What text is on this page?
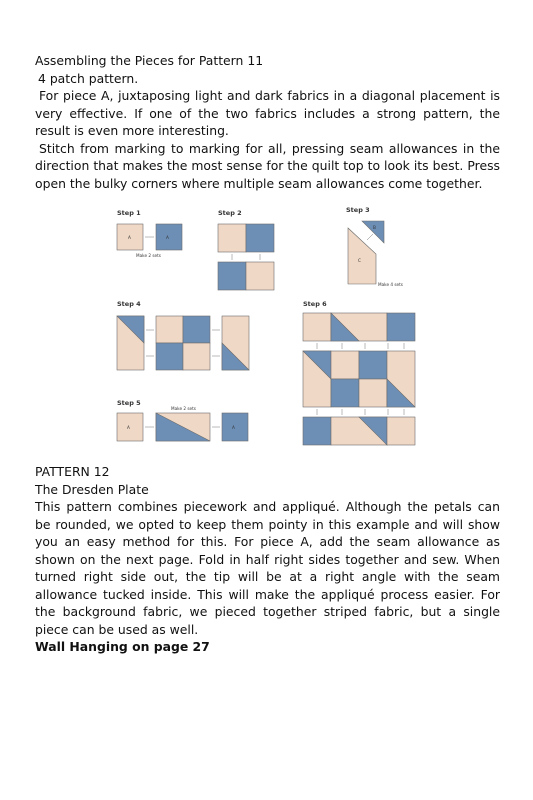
Assembling the Pieces for Pattern 11

4 patch pattern.

For piece A, juxtaposing light and dark fabrics in a diagonal placement is very effective. If one of the two fabrics includes a strong pattern, the result is even more interesting.

Stitch from marking to marking for all, pressing seam allowances in the direction that makes the most sense for the quilt top to look its best. Press open the bulky corners where multiple seam allowances come together.

Step 1
A	A
Make 2 sets
Step 2	Step 3
B
C
Make 4 sets
Step 4
Step 5
Make 2 sets
A	A
Step 6

PATTERN 12

The Dresden Plate

This pattern combines piecework and appliqué. Although the petals can be rounded, we opted to keep them pointy in this example and will show you an easy method for this. For piece A, add the seam allowance as shown on the next page. Fold in half right sides together and sew. When turned right side out, the tip will be at a right angle with the seam allowance tucked inside. This will make the appliqué process easier. For the background fabric, we pieced together striped fabric, but a single piece can be used as well.

Wall Hanging on page 27
